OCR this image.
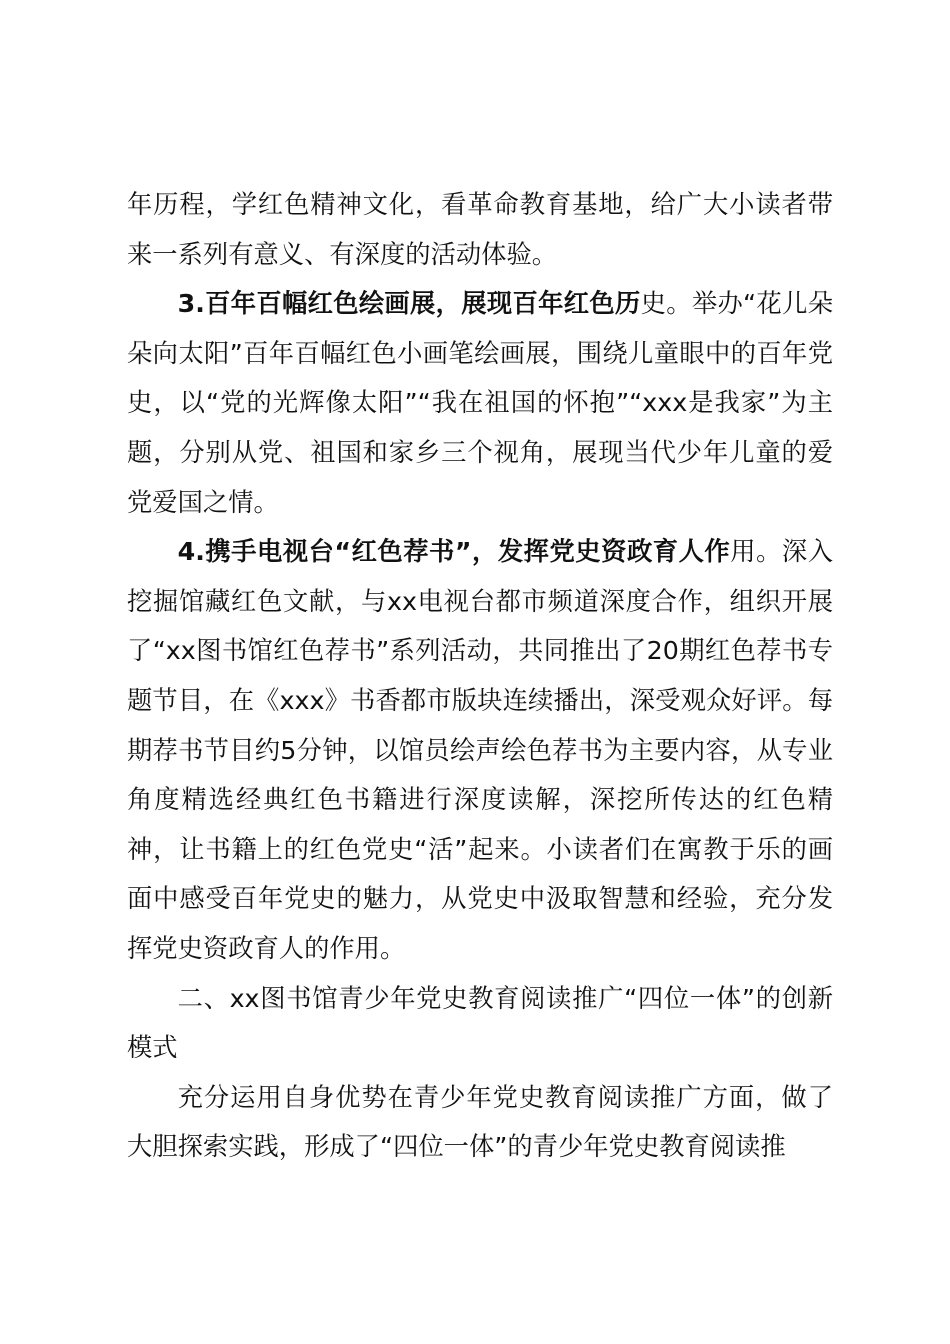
年历程，学红色精神文化，看革命教育基地，给广大小读者带来一系列有意义、有深度的活动体验。

3.百年百幅红色绘画展，展现百年红色历史。举办“花儿朵朵向太阳”百年百幅红色小画笔绘画展，围绕儿童眼中的百年党史，以“党的光辉像太阳”“我在祖国的怀抱”“xxx是我家”为主题，分别从党、祖国和家乡三个视角，展现当代少年儿童的爱党爱国之情。

4.携手电视台“红色荐书”，发挥党史资政育人作用。深入挖掘馆藏红色文献，与xx电视台都市频道深度合作，组织开展了“xx图书馆红色荐书”系列活动，共同推出了20期红色荐书专题节目，在《xxx》书香都市版块连续播出，深受观众好评。每期荐书节目约5分钟，以馆员绘声绘色荐书为主要内容，从专业角度精选经典红色书籍进行深度读解，深挖所传达的红色精神，让书籍上的红色党史“活”起来。小读者们在寓教于乐的画面中感受百年党史的魅力，从党史中汲取智慧和经验，充分发挥党史资政育人的作用。

二、xx图书馆青少年党史教育阅读推广“四位一体”的创新模式

充分运用自身优势在青少年党史教育阅读推广方面，做了大胆探索实践，形成了“四位一体”的青少年党史教育阅读推
